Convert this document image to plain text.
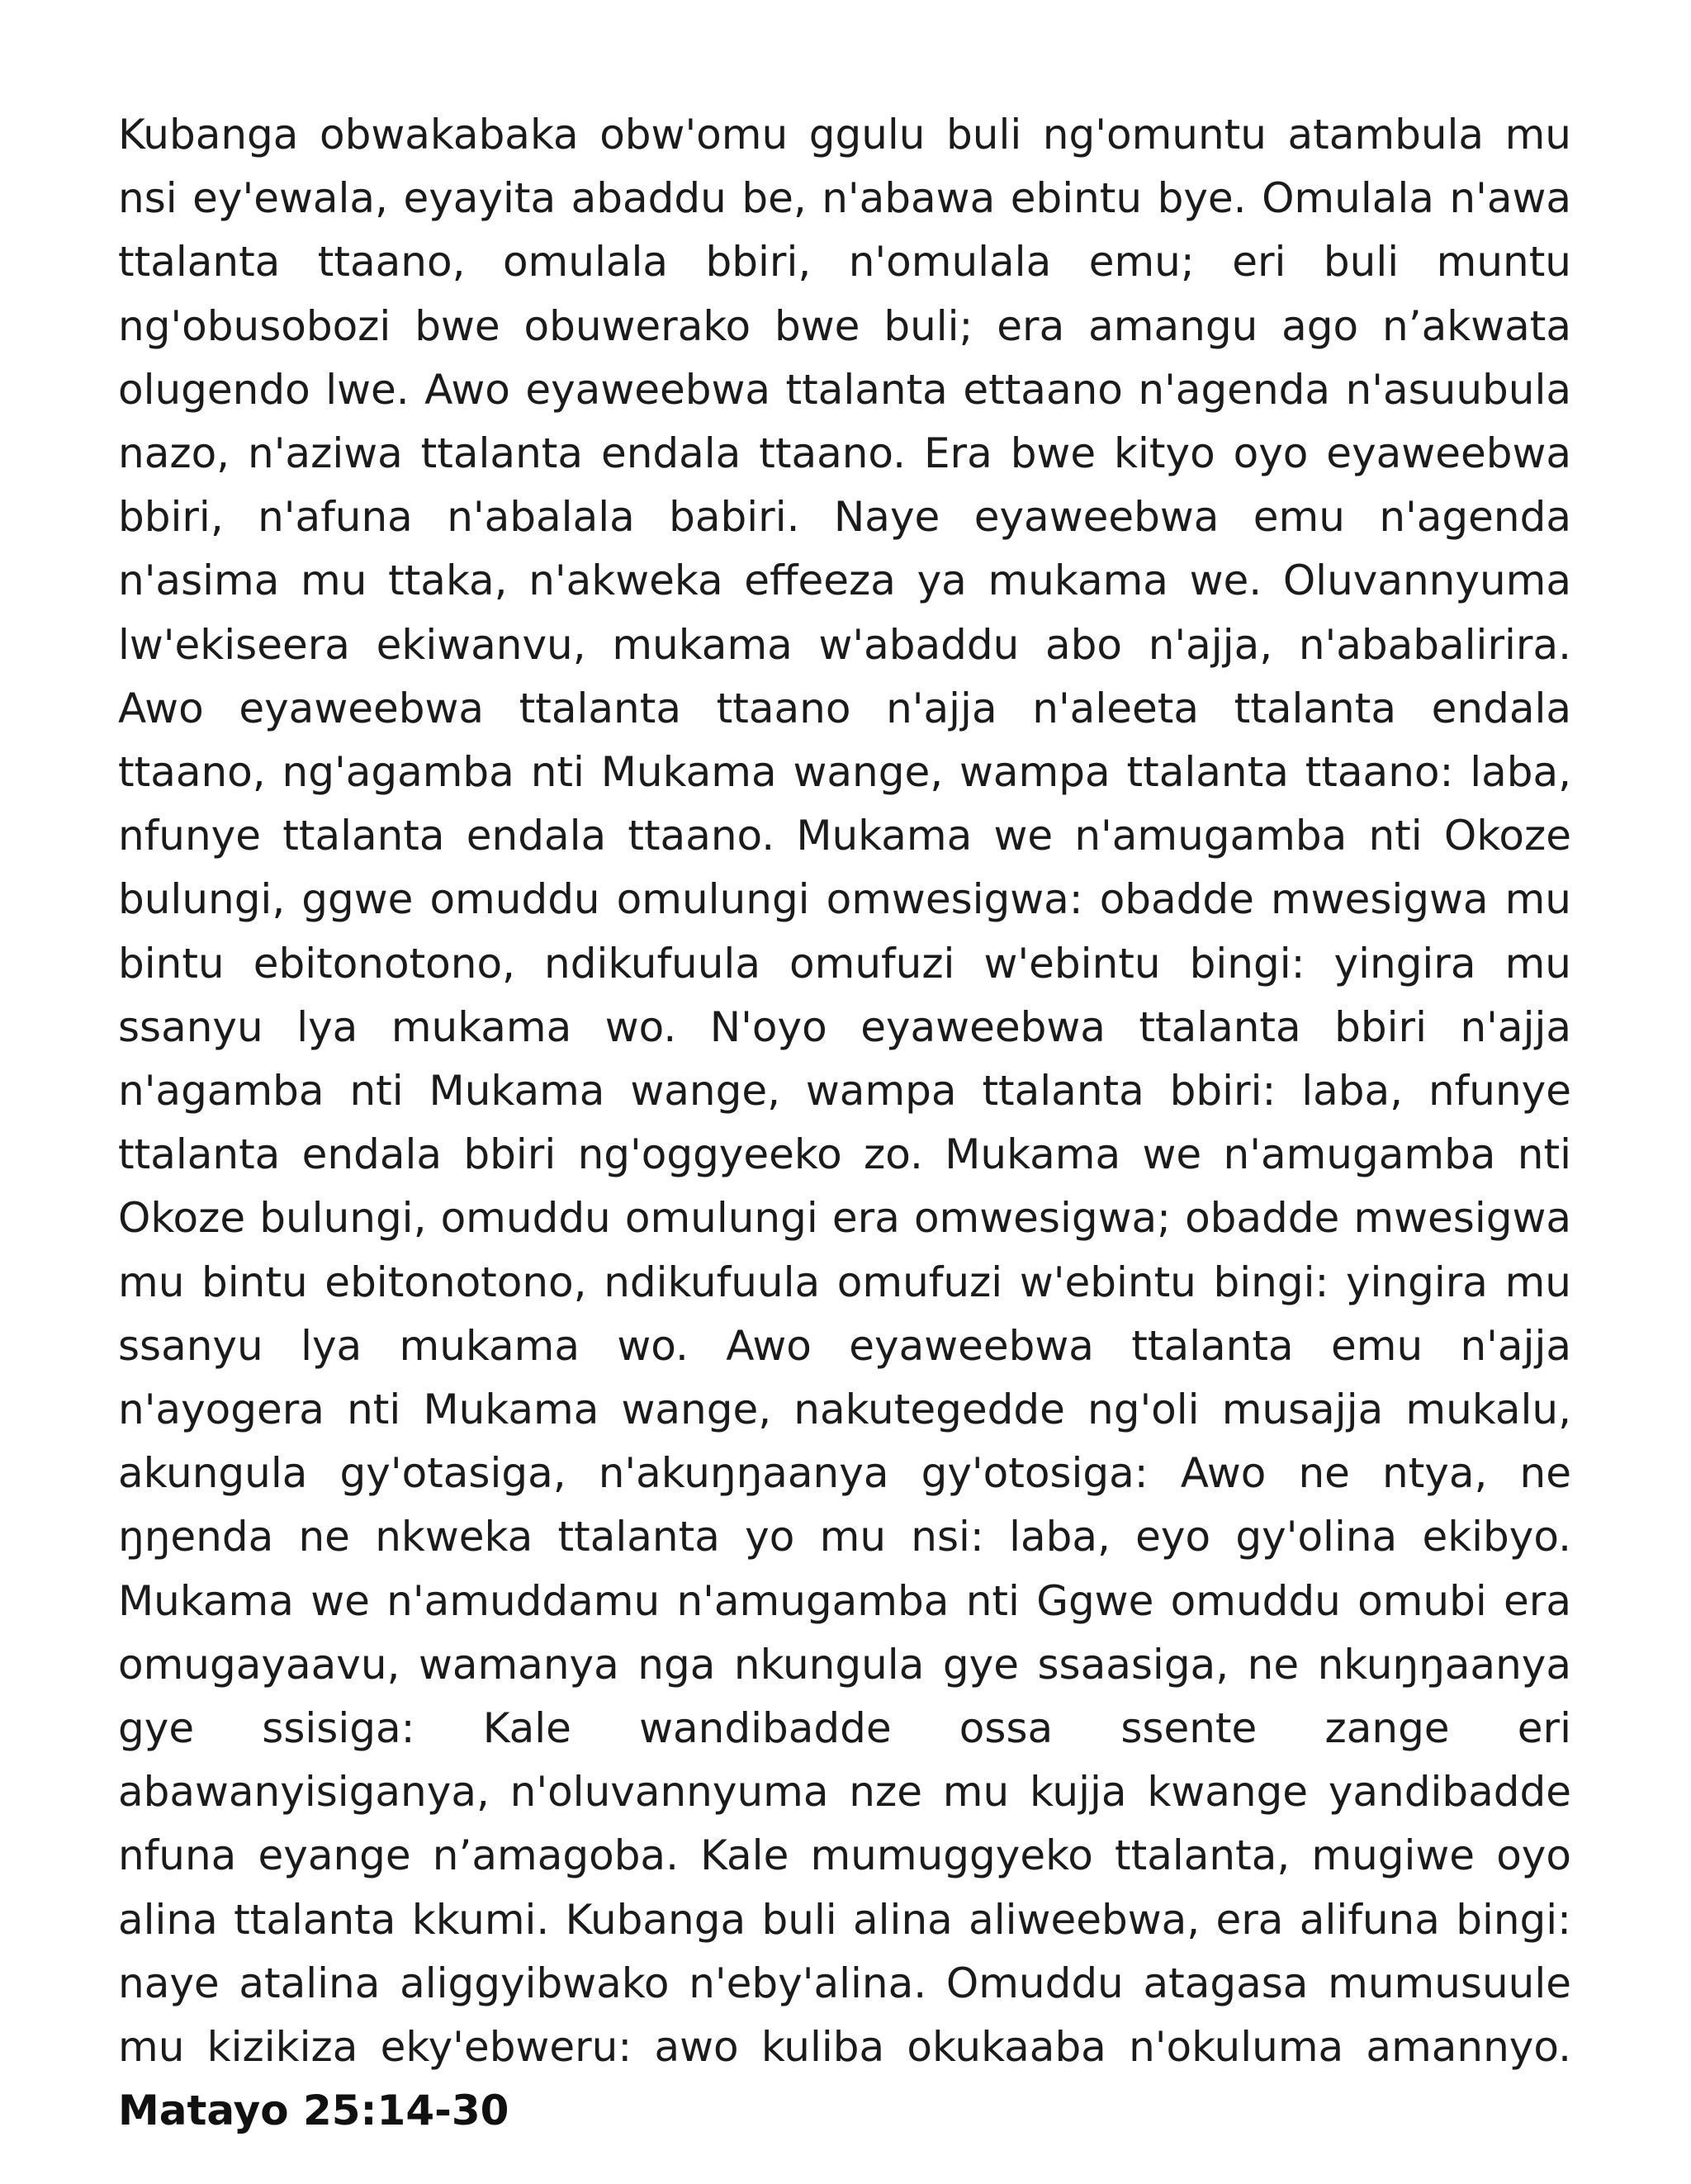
Kubanga obwakabaka obw'omu ggulu buli ng'omuntu atambula mu nsi ey'ewala, eyayita abaddu be, n'abawa ebintu bye. Omulala n'awa ttalanta ttaano, omulala bbiri, n'omulala emu; eri buli muntu ng'obusobozi bwe obuwerako bwe buli; era amangu ago n’akwata olugendo lwe. Awo eyaweebwa ttalanta ettaano n'agenda n'asuubula nazo, n'aziwa ttalanta endala ttaano. Era bwe kityo oyo eyaweebwa bbiri, n'afuna n'abalala babiri. Naye eyaweebwa emu n'agenda n'asima mu ttaka, n'akweka effeeza ya mukama we. Oluvannyuma lw'ekiseera ekiwanvu, mukama w'abaddu abo n'ajja, n'ababalirira. Awo eyaweebwa ttalanta ttaano n'ajja n'aleeta ttalanta endala ttaano, ng'agamba nti Mukama wange, wampa ttalanta ttaano: laba, nfunye ttalanta endala ttaano. Mukama we n'amugamba nti Okoze bulungi, ggwe omuddu omulungi omwesigwa: obadde mwesigwa mu bintu ebitonotono, ndikufuula omufuzi w'ebintu bingi: yingira mu ssanyu lya mukama wo. N'oyo eyaweebwa ttalanta bbiri n'ajja n'agamba nti Mukama wange, wampa ttalanta bbiri: laba, nfunye ttalanta endala bbiri ng'oggyeeko zo. Mukama we n'amugamba nti Okoze bulungi, omuddu omulungi era omwesigwa; obadde mwesigwa mu bintu ebitonotono, ndikufuula omufuzi w'ebintu bingi: yingira mu ssanyu lya mukama wo. Awo eyaweebwa ttalanta emu n'ajja n'ayogera nti Mukama wange, nakutegedde ng'oli musajja mukalu, akungula gy'otasiga, n'akuŋŋaanya gy'otosiga: Awo ne ntya, ne ŋŋenda ne nkweka ttalanta yo mu nsi: laba, eyo gy'olina ekibyo. Mukama we n'amuddamu n'amugamba nti Ggwe omuddu omubi era omugayaavu, wamanya nga nkungula gye ssaasiga, ne nkuŋŋaanya gye ssisiga: Kale wandibadde ossa ssente zange eri abawanyisiganya, n'oluvannyuma nze mu kujja kwange yandibadde nfuna eyange n’amagoba. Kale mumuggyeko ttalanta, mugiwe oyo alina ttalanta kkumi. Kubanga buli alina aliweebwa, era alifuna bingi: naye atalina aliggyibwako n'eby'alina. Omuddu atagasa mumusuule mu kizikiza eky'ebweru: awo kuliba okukaaba n'okuluma amannyo. Matayo 25:14-30
